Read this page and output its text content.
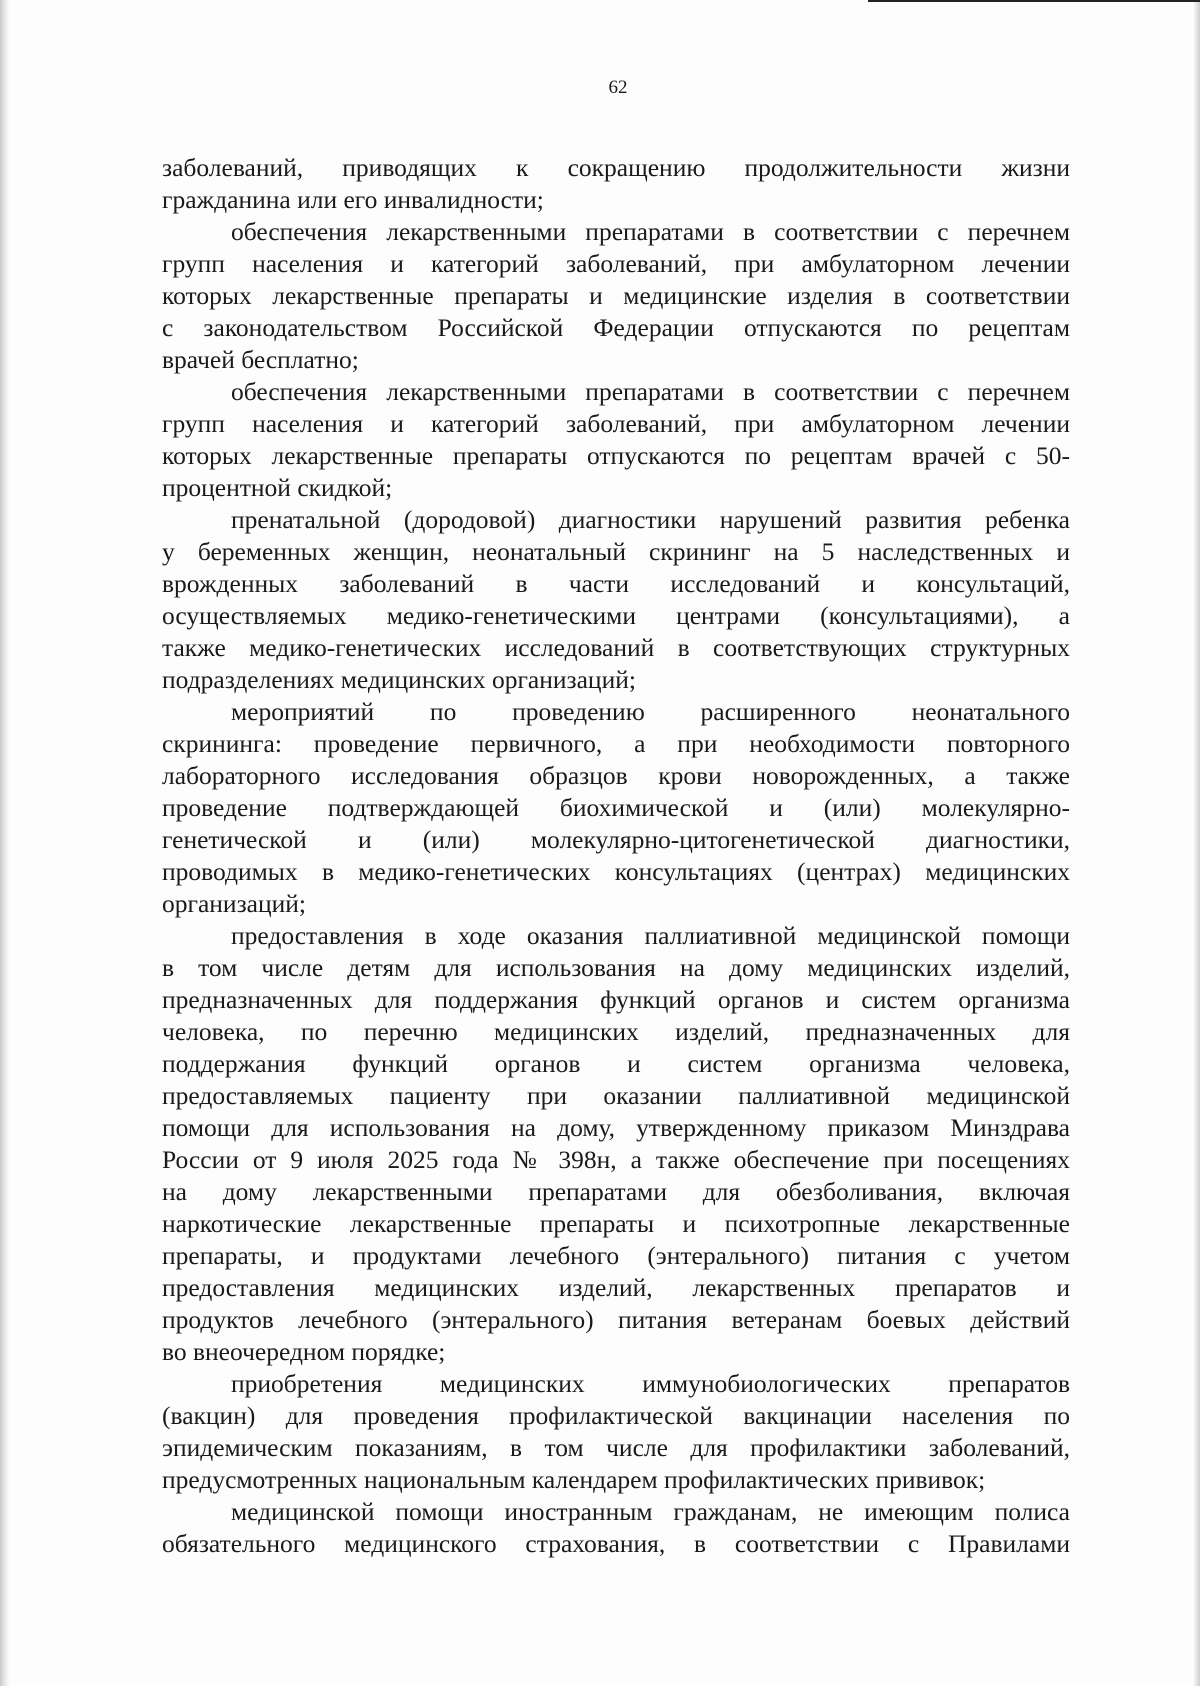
62
заболеваний, приводящих к сокращению продолжительности жизни
гражданина или его инвалидности;
обеспечения лекарственными препаратами в соответствии с перечнем
групп населения и категорий заболеваний, при амбулаторном лечении
которых лекарственные препараты и медицинские изделия в соответствии
с законодательством Российской Федерации отпускаются по рецептам
врачей бесплатно;
обеспечения лекарственными препаратами в соответствии с перечнем
групп населения и категорий заболеваний, при амбулаторном лечении
которых лекарственные препараты отпускаются по рецептам врачей с 50-
процентной скидкой;
пренатальной (дородовой) диагностики нарушений развития ребенка
у беременных женщин, неонатальный скрининг на 5 наследственных и
врожденных заболеваний в части исследований и консультаций,
осуществляемых медико-генетическими центрами (консультациями), а
также медико-генетических исследований в соответствующих структурных
подразделениях медицинских организаций;
мероприятий по проведению расширенного неонатального
скрининга: проведение первичного, а при необходимости повторного
лабораторного исследования образцов крови новорожденных, а также
проведение подтверждающей биохимической и (или) молекулярно-
генетической и (или) молекулярно-цитогенетической диагностики,
проводимых в медико-генетических консультациях (центрах) медицинских
организаций;
предоставления в ходе оказания паллиативной медицинской помощи
в том числе детям для использования на дому медицинских изделий,
предназначенных для поддержания функций органов и систем организма
человека, по перечню медицинских изделий, предназначенных для
поддержания функций органов и систем организма человека,
предоставляемых пациенту при оказании паллиативной медицинской
помощи для использования на дому, утвержденному приказом Минздрава
России от 9 июля 2025 года № 398н, а также обеспечение при посещениях
на дому лекарственными препаратами для обезболивания, включая
наркотические лекарственные препараты и психотропные лекарственные
препараты, и продуктами лечебного (энтерального) питания с учетом
предоставления медицинских изделий, лекарственных препаратов и
продуктов лечебного (энтерального) питания ветеранам боевых действий
во внеочередном порядке;
приобретения медицинских иммунобиологических препаратов
(вакцин) для проведения профилактической вакцинации населения по
эпидемическим показаниям, в том числе для профилактики заболеваний,
предусмотренных национальным календарем профилактических прививок;
медицинской помощи иностранным гражданам, не имеющим полиса
обязательного медицинского страхования, в соответствии с Правилами
